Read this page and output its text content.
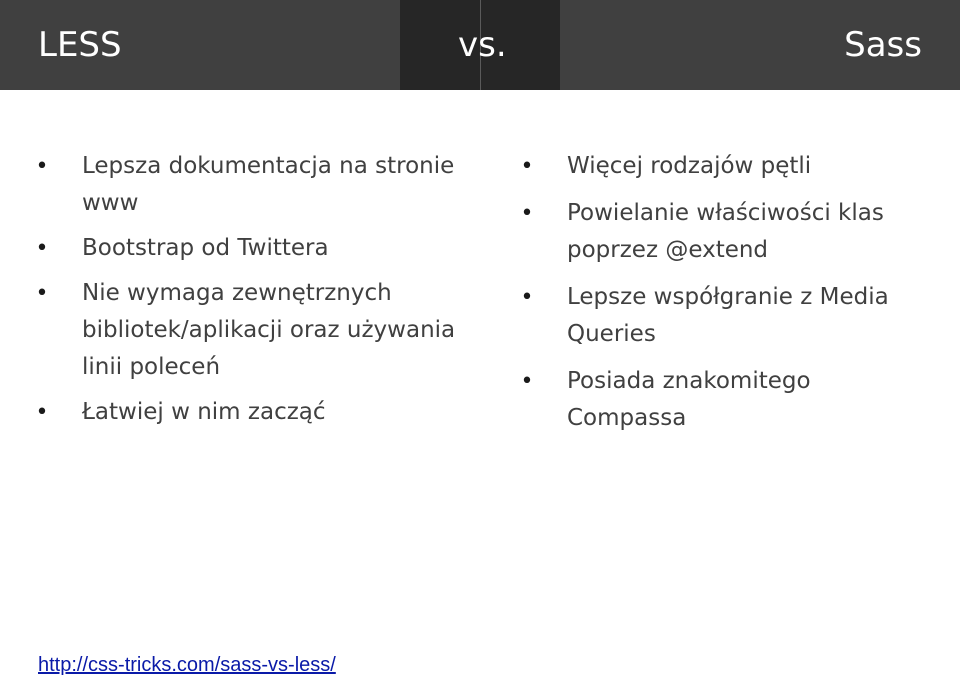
LESS	vs.	Sass
• Lepsza dokumentacja na stronie www
• Bootstrap od Twittera
• Nie wymaga zewnętrznych bibliotek/aplikacji oraz używania linii poleceń
• Łatwiej w nim zacząć
• Więcej rodzajów pętli
• Powielanie właściwości klas poprzez @extend
• Lepsze współgranie z Media Queries
• Posiada znakomitego Compassa
http://css-tricks.com/sass-vs-less/
